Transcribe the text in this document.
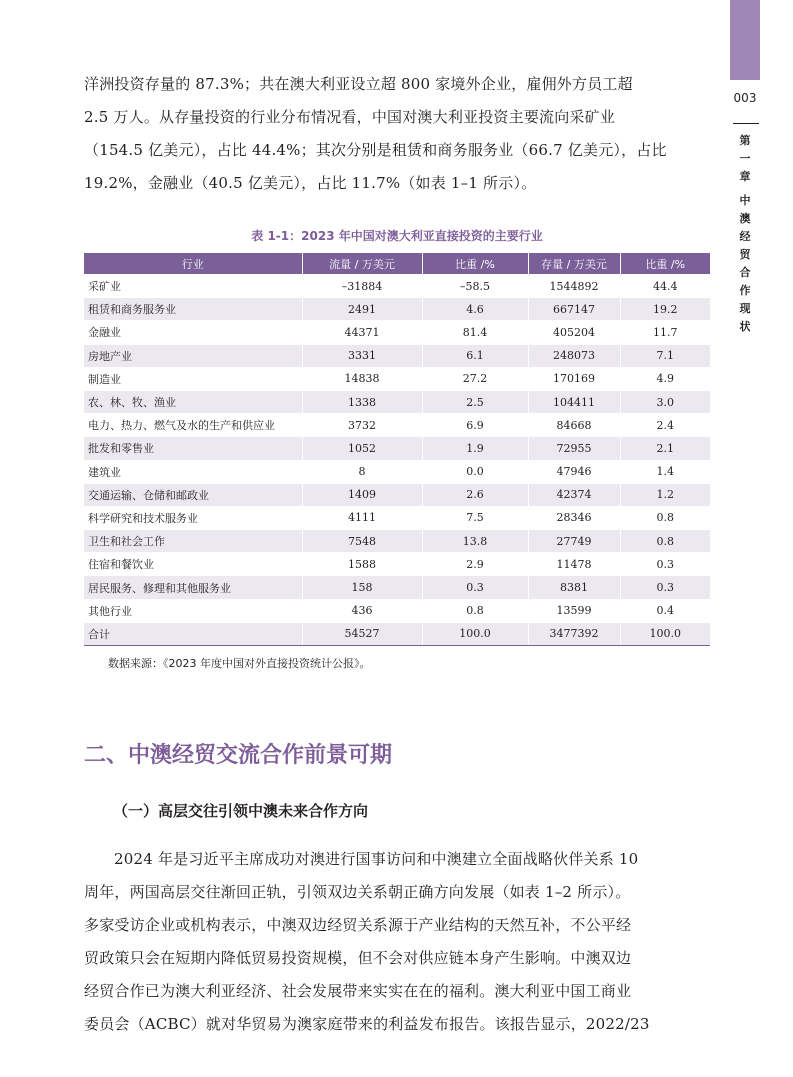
003
第
一
章
中
澳
经
贸
合
作
现
状
洋洲投资存量的 87.3%；共在澳大利亚设立超 800 家境外企业，雇佣外方员工超
2.5 万人。从存量投资的行业分布情况看，中国对澳大利亚投资主要流向采矿业
（154.5 亿美元），占比 44.4%；其次分别是租赁和商务服务业（66.7 亿美元），占比
19.2%，金融业（40.5 亿美元），占比 11.7%（如表 1–1 所示）。
表 1-1：2023 年中国对澳大利亚直接投资的主要行业
行业	流量 / 万美元	比重 /%	存量 / 万美元	比重 /%
采矿业	–31884	–58.5	1544892	44.4
租赁和商务服务业	2491	4.6	667147	19.2
金融业	44371	81.4	405204	11.7
房地产业	3331	6.1	248073	7.1
制造业	14838	27.2	170169	4.9
农、林、牧、渔业	1338	2.5	104411	3.0
电力、热力、燃气及水的生产和供应业	3732	6.9	84668	2.4
批发和零售业	1052	1.9	72955	2.1
建筑业	8	0.0	47946	1.4
交通运输、仓储和邮政业	1409	2.6	42374	1.2
科学研究和技术服务业	4111	7.5	28346	0.8
卫生和社会工作	7548	13.8	27749	0.8
住宿和餐饮业	1588	2.9	11478	0.3
居民服务、修理和其他服务业	158	0.3	8381	0.3
其他行业	436	0.8	13599	0.4
合计	54527	100.0	3477392	100.0
数据来源：《2023 年度中国对外直接投资统计公报》。
二、中澳经贸交流合作前景可期
（一）高层交往引领中澳未来合作方向
2024 年是习近平主席成功对澳进行国事访问和中澳建立全面战略伙伴关系 10
周年，两国高层交往渐回正轨，引领双边关系朝正确方向发展（如表 1–2 所示）。
多家受访企业或机构表示，中澳双边经贸关系源于产业结构的天然互补，不公平经
贸政策只会在短期内降低贸易投资规模，但不会对供应链本身产生影响。中澳双边
经贸合作已为澳大利亚经济、社会发展带来实实在在的福利。澳大利亚中国工商业
委员会（ACBC）就对华贸易为澳家庭带来的利益发布报告。该报告显示，2022/23
